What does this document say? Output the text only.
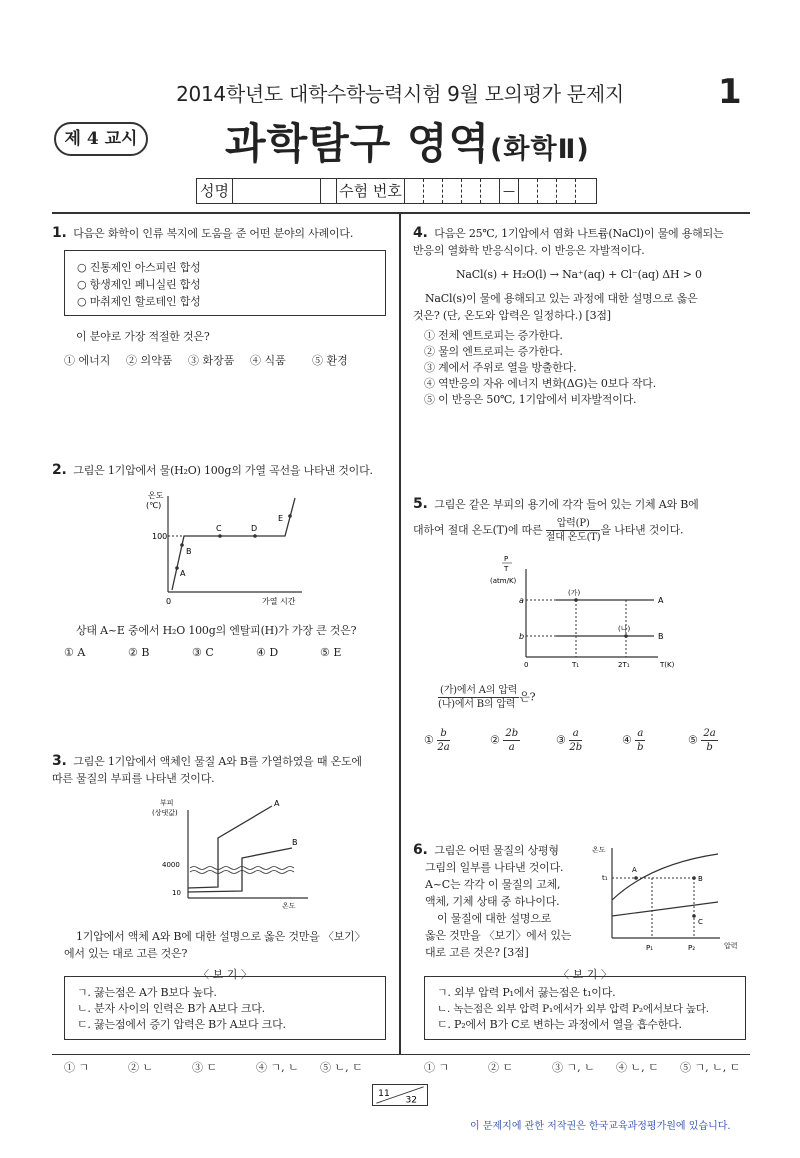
2014학년도 대학수학능력시험 9월 모의평가 문제지	1
제 4 교시 과학탐구 영역(화학Ⅱ)
성명	수험 번호	—
1. 다음은 화학이 인류 복지에 도움을 준 어떤 분야의 사례이다.
○ 진통제인 아스피린 합성
○ 항생제인 페니실린 합성
○ 마취제인 할로테인 합성
이 분야로 가장 적절한 것은?
① 에너지	② 의약품	③ 화장품	④ 식품	⑤ 환경
2. 그림은 1기압에서 물(H₂O) 100g의 가열 곡선을 나타낸 것이다.
온도
(℃)
100
0	가열 시간
A
B
C	D
E
상태 A~E 중에서 H₂O 100g의 엔탈피(H)가 가장 큰 것은?
① A	② B	③ C	④ D	⑤ E
3. 그림은 1기압에서 액체인 물질 A와 B를 가열하였을 때 온도에
따른 물질의 부피를 나타낸 것이다.
부피
(상댓값)
4000
10
온도
A
B
1기압에서 액체 A와 B에 대한 설명으로 옳은 것만을 〈보기〉
에서 있는 대로 고른 것은?
〈 보 기 〉
ㄱ. 끓는점은 A가 B보다 높다.
ㄴ. 분자 사이의 인력은 B가 A보다 크다.
ㄷ. 끓는점에서 증기 압력은 B가 A보다 크다.
① ㄱ	② ㄴ	③ ㄷ	④ ㄱ, ㄴ	⑤ ㄴ, ㄷ
4. 다음은 25℃, 1기압에서 염화 나트륨(NaCl)이 물에 용해되는
반응의 열화학 반응식이다. 이 반응은 자발적이다.
NaCl(s) + H₂O(l) → Na⁺(aq) + Cl⁻(aq) ΔH > 0
NaCl(s)이 물에 용해되고 있는 과정에 대한 설명으로 옳은
것은? (단, 온도와 압력은 일정하다.) [3점]
① 전체 엔트로피는 증가한다.
② 물의 엔트로피는 증가한다.
③ 계에서 주위로 열을 방출한다.
④ 역반응의 자유 에너지 변화(ΔG)는 0보다 작다.
⑤ 이 반응은 50℃, 1기압에서 비자발적이다.
5. 그림은 같은 부피의 용기에 각각 들어 있는 기체 A와 B에
대하여 절대 온도(T)에 따른 $\frac{\text{압력(P)}}{\text{절대 온도(T)}}$을 나타낸 것이다.
P
T
(atm/K)
a
b
0	T₁	2T₁	T(K)
(가)
(나)
A
B
$\frac{\text{(가)에서 A의 압력}}{\text{(나)에서 B의 압력}}$은?
① $\frac{b}{2a}$	② $\frac{2b}{a}$	③ $\frac{a}{2b}$	④ $\frac{a}{b}$	⑤ $\frac{2a}{b}$
6. 그림은 어떤 물질의 상평형
그림의 일부를 나타낸 것이다.
A~C는 각각 이 물질의 고체,
액체, 기체 상태 중 하나이다.
이 물질에 대한 설명으로
옳은 것만을 〈보기〉에서 있는
대로 고른 것은? [3점]
온도
압력
t₁
P₁	P₂
A
B
C
〈 보 기 〉
ㄱ. 외부 압력 P₁에서 끓는점은 t₁이다.
ㄴ. 녹는점은 외부 압력 P₁에서가 외부 압력 P₂에서보다 높다.
ㄷ. P₂에서 B가 C로 변하는 과정에서 열을 흡수한다.
① ㄱ	② ㄷ	③ ㄱ, ㄴ	④ ㄴ, ㄷ	⑤ ㄱ, ㄴ, ㄷ
11
32
이 문제지에 관한 저작권은 한국교육과정평가원에 있습니다.
